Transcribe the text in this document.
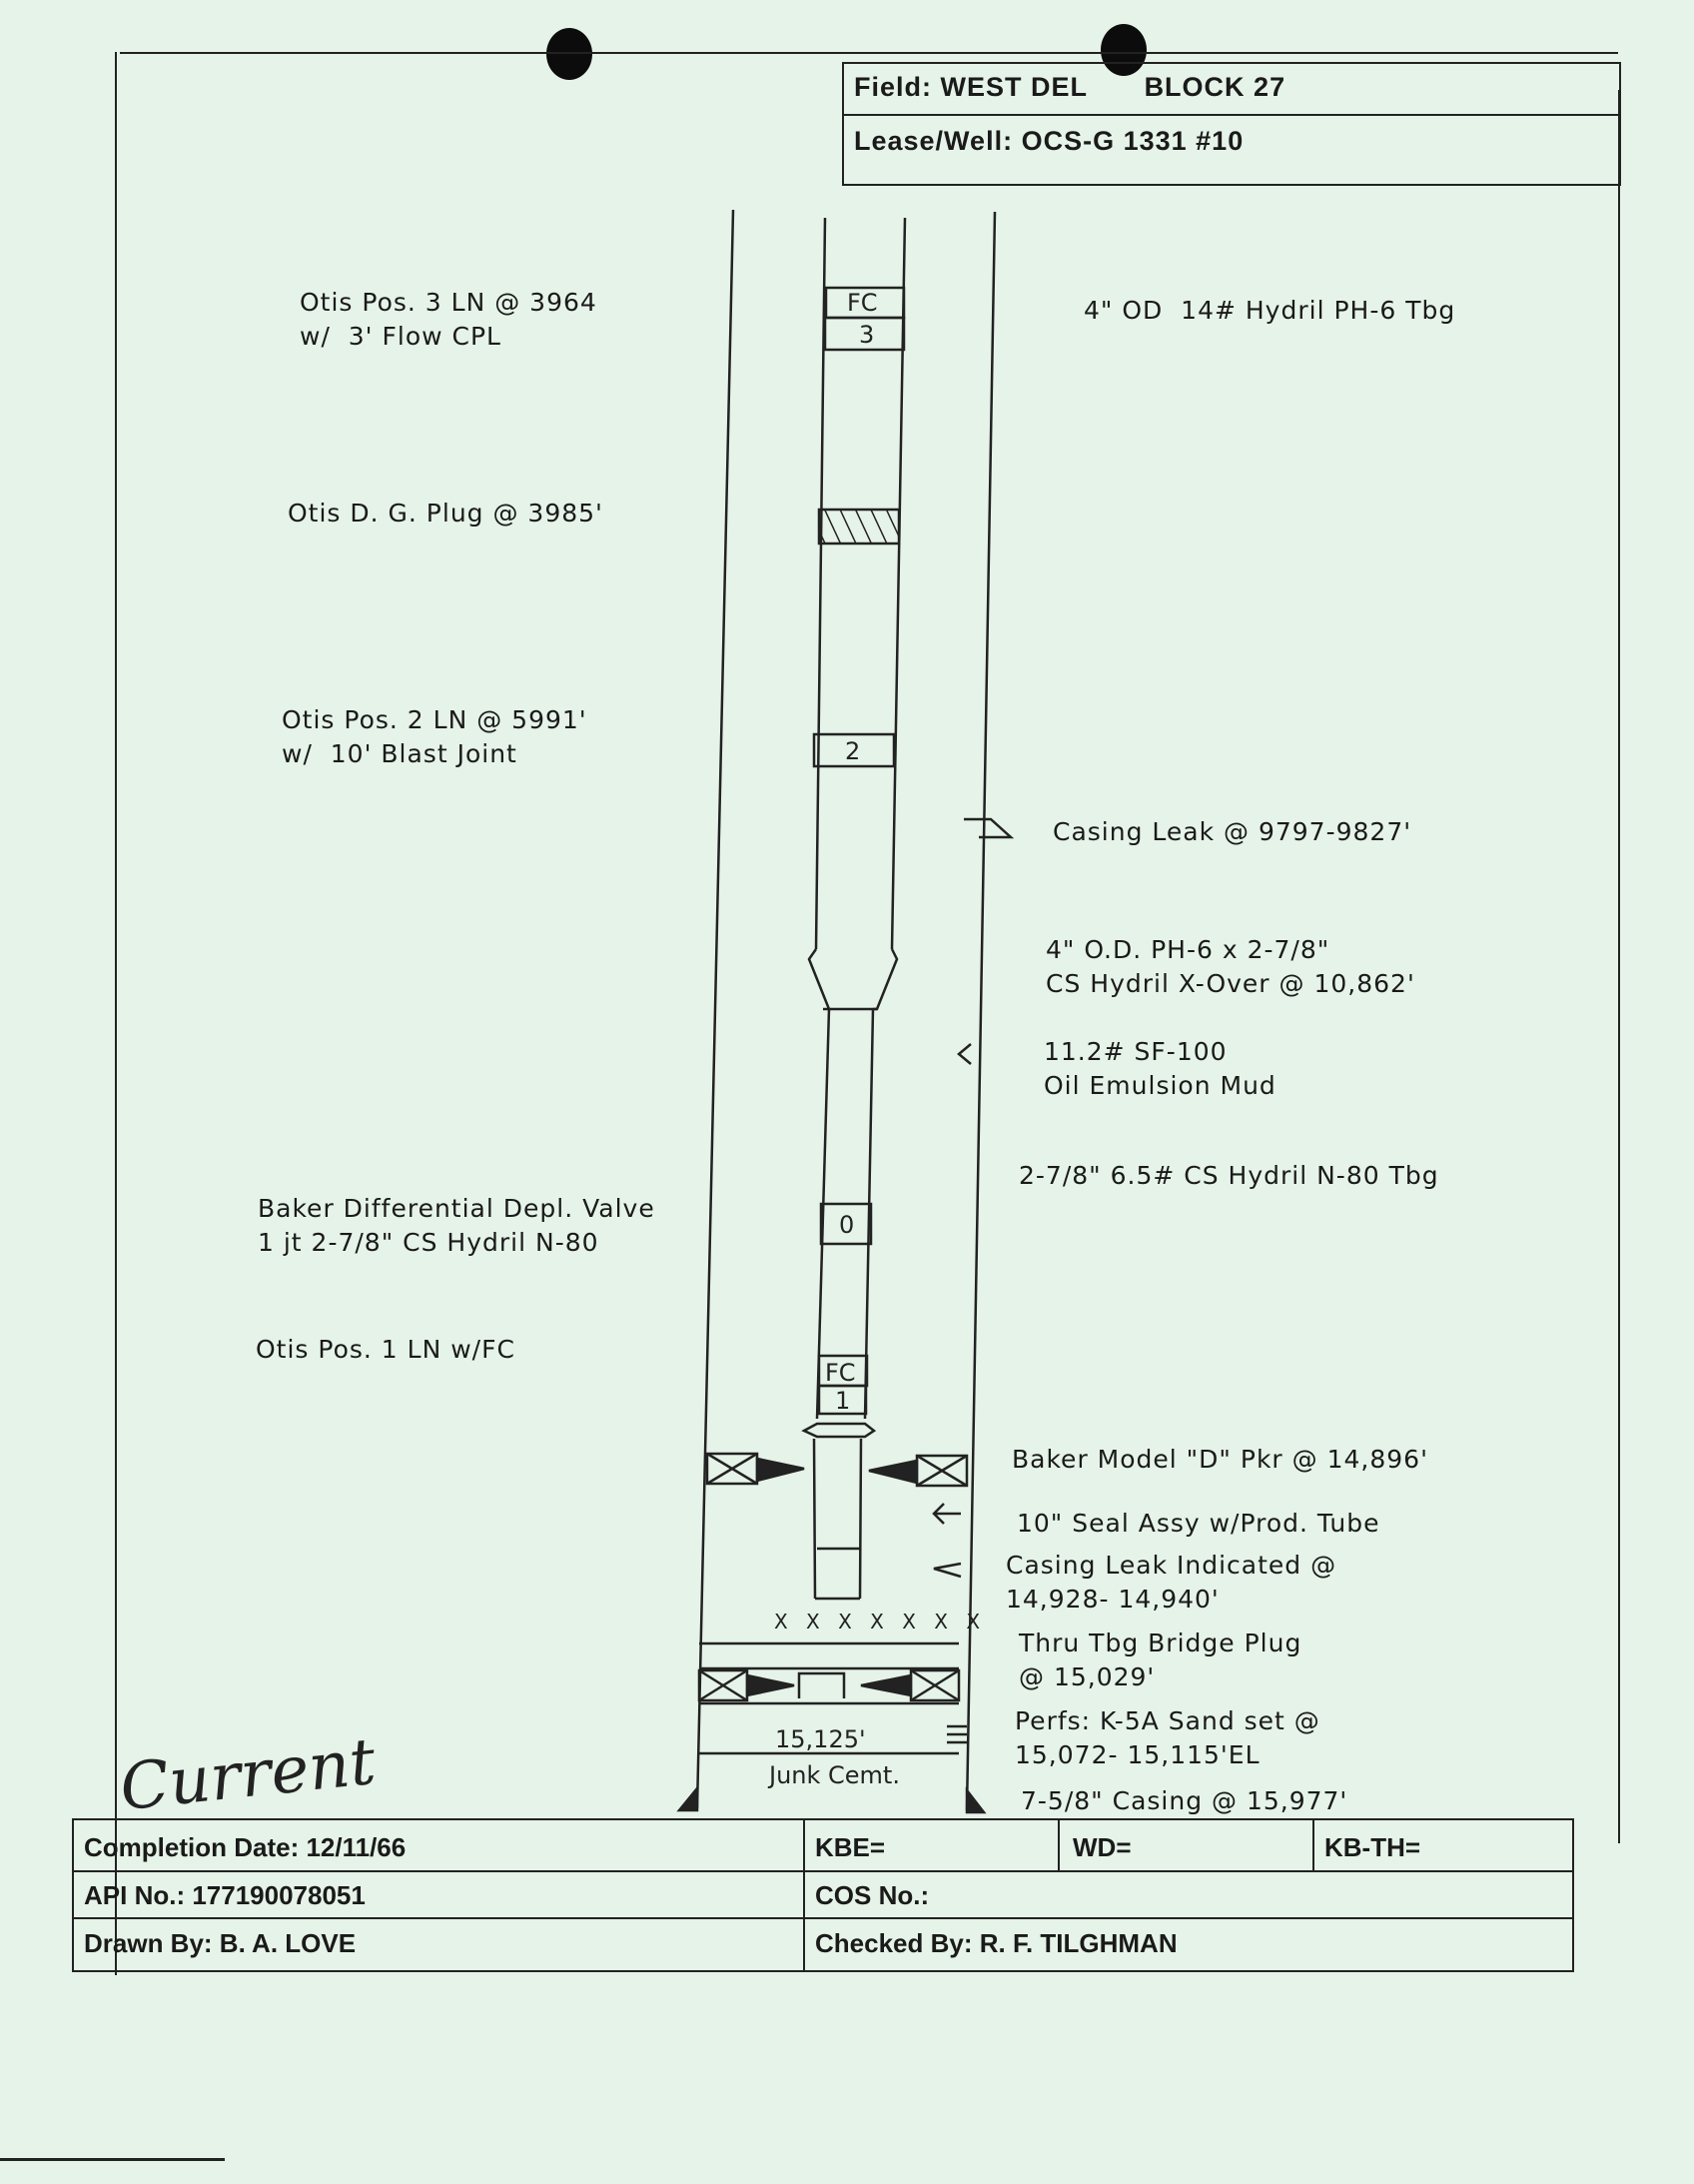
Field: WEST DEL BLOCK 27
Lease/Well: OCS-G 1331 #10
FC
3
2
0
FC
1
X X X X X X X
15,125'
Junk Cemt.
Otis Pos. 3 LN @ 3964
w/  3' Flow CPL
Otis D. G. Plug @ 3985'
Otis Pos. 2 LN @ 5991'
w/  10' Blast Joint
Baker Differential Depl. Valve
1 jt 2-7/8" CS Hydril N-80
Otis Pos. 1 LN w/FC
4" OD  14# Hydril PH-6 Tbg
Casing Leak @ 9797-9827'
4" O.D. PH-6 x 2-7/8"
CS Hydril X-Over @ 10,862'
11.2# SF-100
Oil Emulsion Mud
2-7/8" 6.5# CS Hydril N-80 Tbg
Baker Model "D" Pkr @ 14,896'
10" Seal Assy w/Prod. Tube
Casing Leak Indicated @
14,928- 14,940'
Thru Tbg Bridge Plug
@ 15,029'
Perfs: K-5A Sand set @
15,072- 15,115'EL
7-5/8" Casing @ 15,977'
Current
Completion Date: 12/11/66
API No.: 177190078051
Drawn By: B. A. LOVE
KBE=	WD=	KB-TH=
COS No.:
Checked By: R. F. TILGHMAN
